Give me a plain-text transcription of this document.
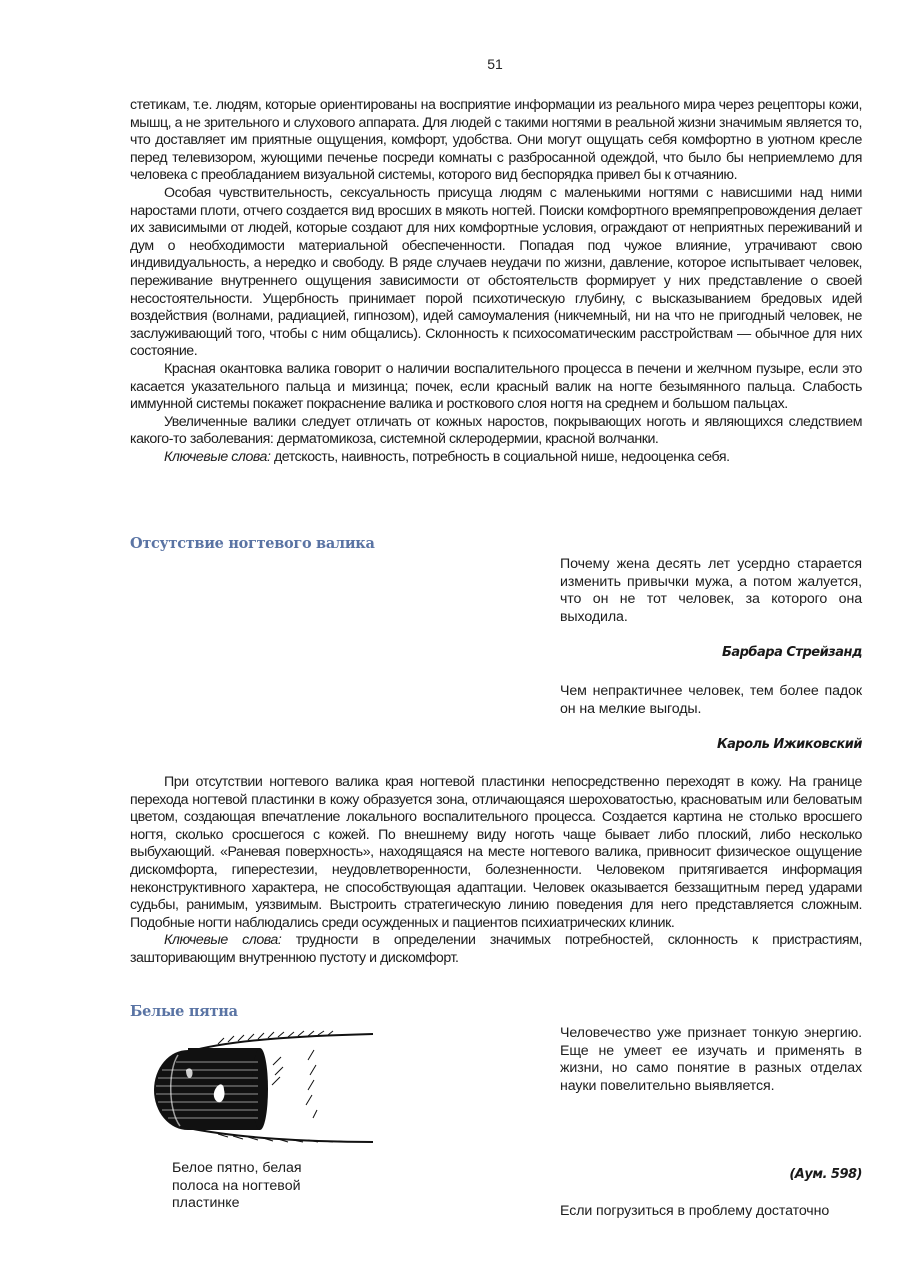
51

стетикам, т.е. людям, которые ориентированы на восприятие информации из реального мира через рецепторы кожи, мышц, а не зрительного и слухового аппарата. Для людей с такими ногтями в реальной жизни значимым является то, что доставляет им приятные ощущения, комфорт, удобства. Они могут ощущать себя комфортно в уютном кресле перед телевизором, жующими печенье посреди комнаты с разбросанной одеждой, что было бы неприемлемо для человека с преобладанием визуальной системы, которого вид беспорядка привел бы к отчаянию.

Особая чувствительность, сексуальность присуща людям с маленькими ногтями с нависшими над ними наростами плоти, отчего создается вид вросших в мякоть ногтей. Поиски комфортного времяпрепровождения делает их зависимыми от людей, которые создают для них комфортные условия, ограждают от неприятных переживаний и дум о необходимости материальной обеспеченности. Попадая под чужое влияние, утрачивают свою индивидуальность, а нередко и свободу. В ряде случаев неудачи по жизни, давление, которое испытывает человек, переживание внутреннего ощущения зависимости от обстоятельств формирует у них представление о своей несостоятельности. Ущербность принимает порой психотическую глубину, с высказыванием бредовых идей воздействия (волнами, радиацией, гипнозом), идей самоумаления (никчемный, ни на что не пригодный человек, не заслуживающий того, чтобы с ним общались). Склонность к психосоматическим расстройствам — обычное для них состояние.

Красная окантовка валика говорит о наличии воспалительного процесса в печени и желчном пузыре, если это касается указательного пальца и мизинца; почек, если красный валик на ногте безымянного пальца. Слабость иммунной системы покажет покраснение валика и росткового слоя ногтя на среднем и большом пальцах.

Увеличенные валики следует отличать от кожных наростов, покрывающих ноготь и являющихся следствием какого-то заболевания: дерматомикоза, системной склеродермии, красной волчанки.

Ключевые слова: детскость, наивность, потребность в социальной нише, недооценка себя.

Отсутствие ногтевого валика
Почему жена десять лет усердно старается изменить привычки мужа, а потом жалуется, что он не тот человек, за которого она выходила.
Барбара Стрейзанд
Чем непрактичнее человек, тем более падок он на мелкие выгоды.
Кароль Ижиковский

При отсутствии ногтевого валика края ногтевой пластинки непосредственно переходят в кожу. На границе перехода ногтевой пластинки в кожу образуется зона, отличающаяся шероховатостью, красноватым или беловатым цветом, создающая впечатление локального воспалительного процесса. Создается картина не столько вросшего ногтя, сколько сросшегося с кожей. По внешнему виду ноготь чаще бывает либо плоский, либо несколько выбухающий. «Раневая поверхность», находящаяся на месте ногтевого валика, привносит физическое ощущение дискомфорта, гиперестезии, неудовлетворенности, болезненности. Человеком притягивается информация неконструктивного характера, не способствующая адаптации. Человек оказывается беззащитным перед ударами судьбы, ранимым, уязвимым. Выстроить стратегическую линию поведения для него представляется сложным. Подобные ногти наблюдались среди осужденных и пациентов психиатрических клиник.

Ключевые слова: трудности в определении значимых потребностей, склонность к пристрастиям, зашторивающим внутреннюю пустоту и дискомфорт.

Белые пятна
Белое пятно, белая полоса на ногтевой пластинке
Человечество уже признает тонкую энергию. Еще не умеет ее изучать и применять в жизни, но само понятие в разных отделах науки повелительно выявляется.
(Аум. 598)
Если погрузиться в проблему достаточно
